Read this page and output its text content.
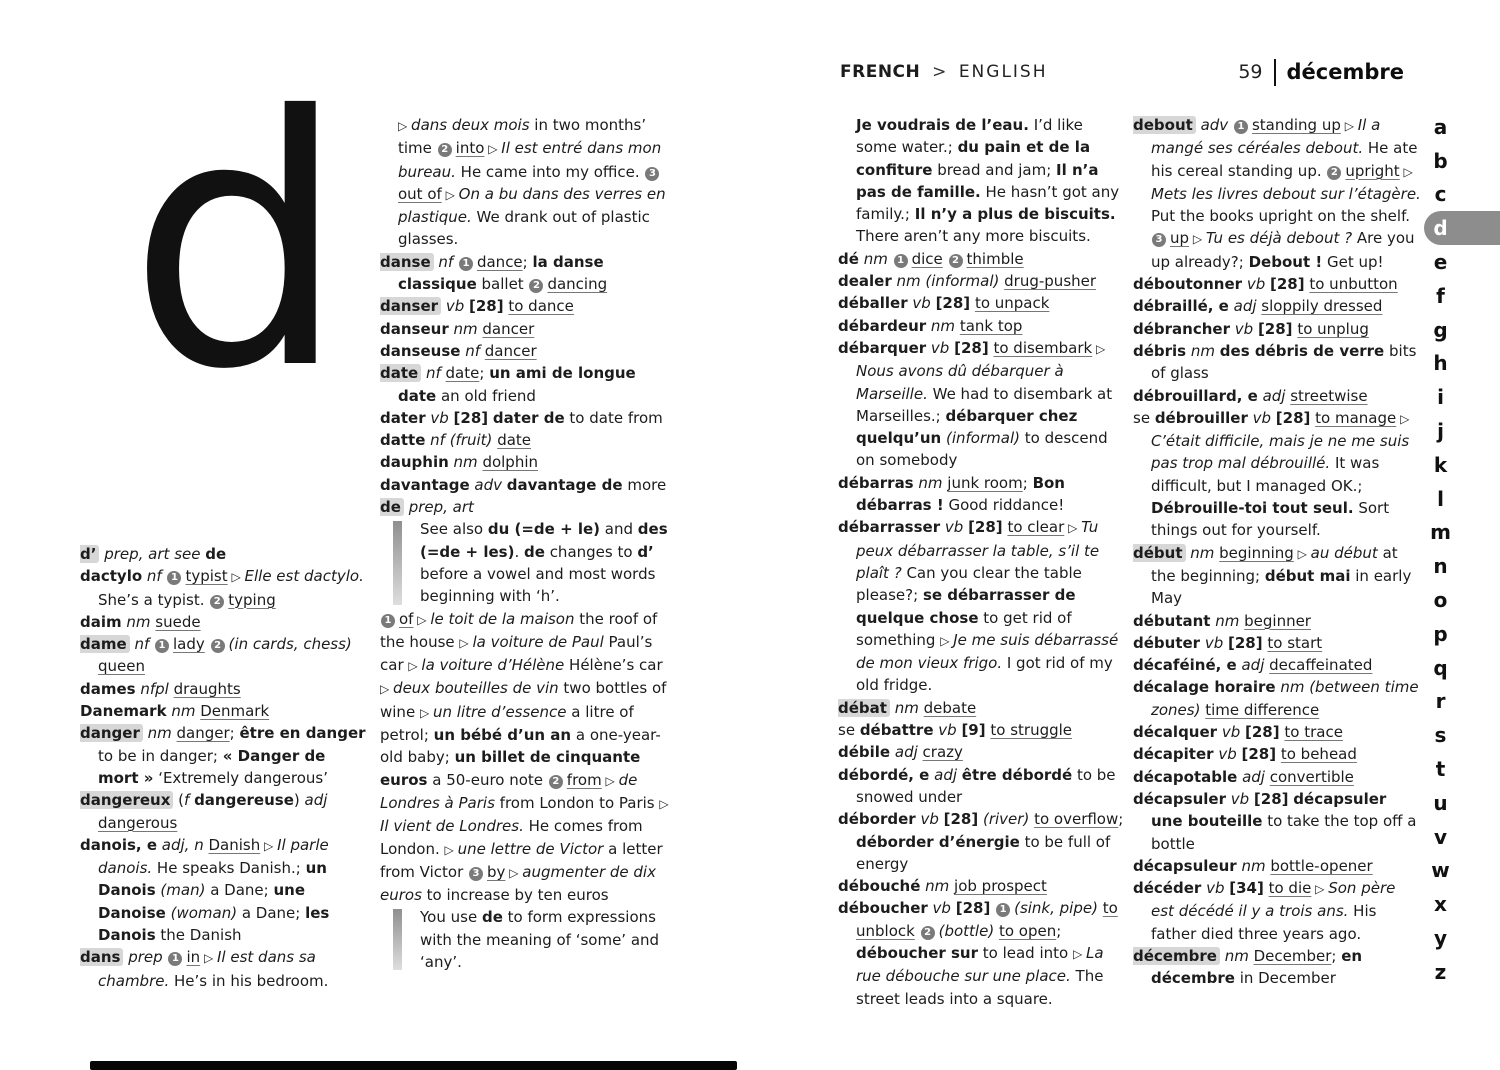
FRENCH > ENGLISH	59 décembre
d
d’ prep, art see de
dactylo nf 1 typist ▷ Elle est dactylo. She’s a typist. 2 typing
daim nm suede
dame nf 1 lady 2 (in cards, chess) queen
dames nfpl draughts
Danemark nm Denmark
danger nm danger; être en danger to be in danger; « Danger de mort » ‘Extremely dangerous’
dangereux (f dangereuse) adj dangerous
danois, e adj, n Danish ▷ Il parle danois. He speaks Danish.; un Danois (man) a Dane; une Danoise (woman) a Dane; les Danois the Danish
dans prep 1 in ▷ Il est dans sa chambre. He’s in his bedroom.
▷ dans deux mois in two months’ time 2 into ▷ Il est entré dans mon bureau. He came into my office. 3out of ▷ On a bu dans des verres en plastique. We drank out of plastic glasses.
danse nf 1 dance; la danse classique ballet 2 dancing
danser vb [28] to dance
danseur nm dancer
danseuse nf dancer
date nf date; un ami de longue date an old friend
dater vb [28] dater de to date from
datte nf (fruit) date
dauphin nm dolphin
davantage adv davantage de more
de prep, art
See also du (=de + le) and des (=de + les). de changes to d’ before a vowel and most words beginning with ‘h’.
1 of ▷ le toit de la maison the roof of the house ▷ la voiture de Paul Paul’s car ▷ la voiture d’Hélène Hélène’s car ▷ deux bouteilles de vin two bottles of wine ▷ un litre d’essence a litre of petrol; un bébé d’un an a one-year-old baby; un billet de cinquante euros a 50-euro note 2 from ▷ de Londres à Paris from London to Paris ▷ Il vient de Londres. He comes from London. ▷ une lettre de Victor a letter from Victor 3 by ▷ augmenter de dix euros to increase by ten euros
You use de to form expressions with the meaning of ‘some’ and ‘any’.
Je voudrais de l’eau. I’d like some water.; du pain et de la confiture bread and jam; Il n’a pas de famille. He hasn’t got any family.; Il n’y a plus de biscuits. There aren’t any more biscuits.
dé nm 1 dice 2 thimble
dealer nm (informal) drug-pusher
déballer vb [28] to unpack
débardeur nm tank top
débarquer vb [28] to disembark ▷ Nous avons dû débarquer à Marseille. We had to disembark at Marseilles.; débarquer chez quelqu’un (informal) to descend on somebody
débarras nm junk room; Bon débarras ! Good riddance!
débarrasser vb [28] to clear ▷ Tu peux débarrasser la table, s’il te plaît ? Can you clear the table please?; se débarrasser de quelque chose to get rid of something ▷ Je me suis débarrassé de mon vieux frigo. I got rid of my old fridge.
débat nm debate
se débattre vb [9] to struggle
débile adj crazy
débordé, e adj être débordé to be snowed under
déborder vb [28] (river) to overflow; déborder d’énergie to be full of energy
débouché nm job prospect
déboucher vb [28] 1 (sink, pipe) to unblock 2 (bottle) to open; déboucher sur to lead into ▷ La rue débouche sur une place. The street leads into a square.
debout adv 1 standing up ▷ Il a mangé ses céréales debout. He ate his cereal standing up. 2 upright ▷ Mets les livres debout sur l’étagère. Put the books upright on the shelf. 3 up ▷ Tu es déjà debout ? Are you up already?; Debout ! Get up!
déboutonner vb [28] to unbutton
débraillé, e adj sloppily dressed
débrancher vb [28] to unplug
débris nm des débris de verre bits of glass
débrouillard, e adj streetwise
se débrouiller vb [28] to manage ▷ C’était difficile, mais je ne me suis pas trop mal débrouillé. It was difficult, but I managed OK.; Débrouille-toi tout seul. Sort things out for yourself.
début nm beginning ▷ au début at the beginning; début mai in early May
débutant nm beginner
débuter vb [28] to start
décaféiné, e adj decaffeinated
décalage horaire nm (between time zones) time difference
décalquer vb [28] to trace
décapiter vb [28] to behead
décapotable adj convertible
décapsuler vb [28] décapsuler une bouteille to take the top off a bottle
décapsuleur nm bottle-opener
décéder vb [34] to die ▷ Son père est décédé il y a trois ans. His father died three years ago.
décembre nm December; en décembre in December
a
b
c
d
e
f
g
h
i
j
k
l
m
n
o
p
q
r
s
t
u
v
w
x
y
z
